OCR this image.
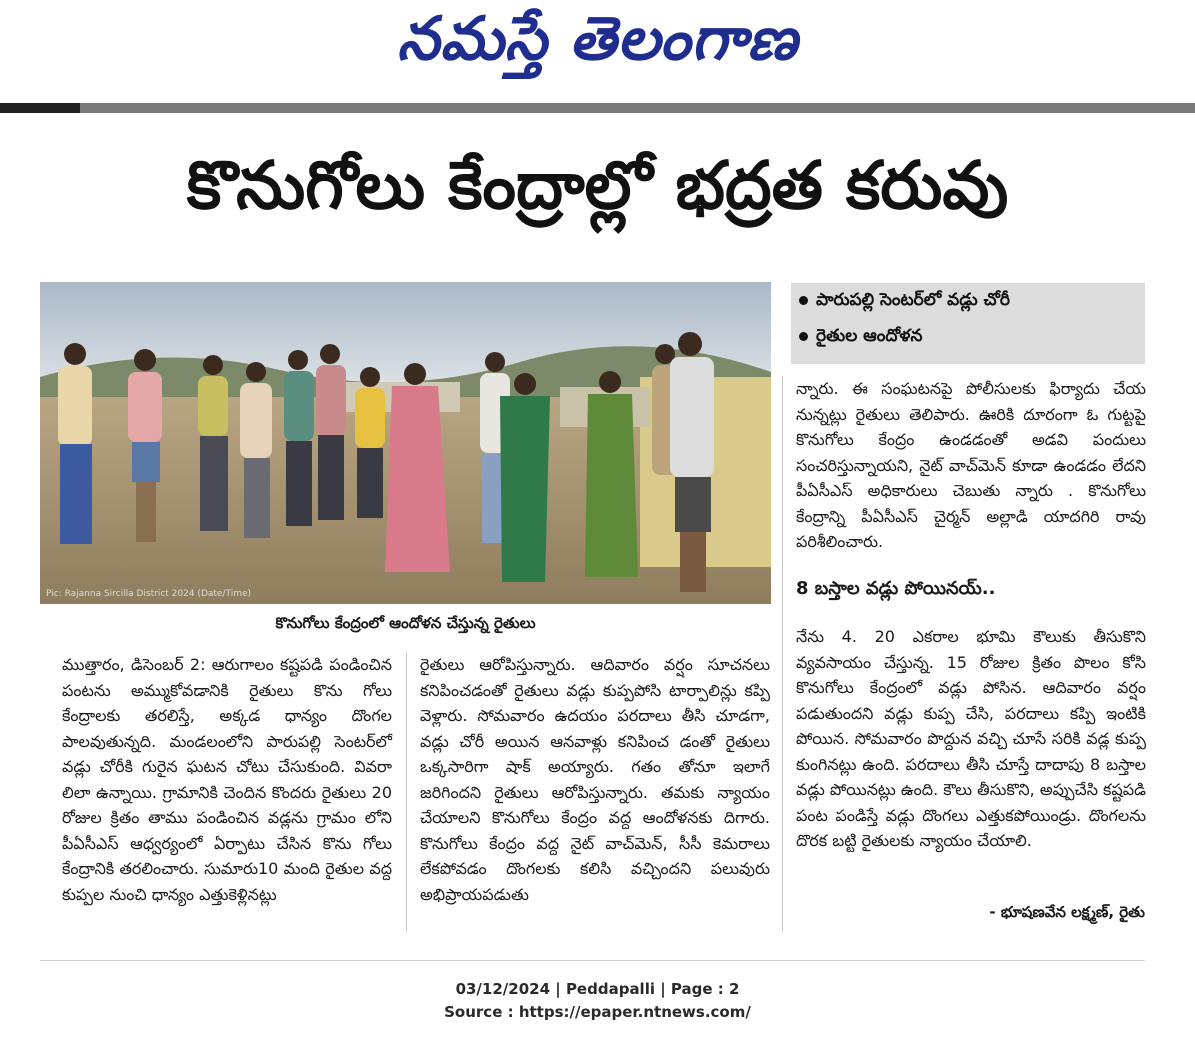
నమస్తే తెలంగాణ
కొనుగోలు కేంద్రాల్లో భద్రత కరువు
Pic: Rajanna Sircilla District 2024 (Date/Time)
కొనుగోలు కేంద్రంలో ఆందోళన చేస్తున్న రైతులు
పారుపల్లి సెంటర్‌లో వడ్లు చోరీ
రైతుల ఆందోళన

న్నారు. ఈ సంఘటనపై పోలీసులకు ఫిర్యాదు చేయ నున్నట్లు రైతులు తెలిపారు. ఊరికి దూరంగా ఓ గుట్టపై కొనుగోలు కేంద్రం ఉండడంతో అడవి పందులు సంచరిస్తున్నాయని, నైట్ వాచ్‌మెన్ కూడా ఉండడం లేదని పీఏసీఎస్ అధికారులు చెబుతు న్నారు . కొనుగోలు కేంద్రాన్ని పీఏసీఎస్ చైర్మన్ అల్లాడి యాదగిరి రావు పరిశీలించారు.

8 బస్తాల వడ్లు పోయినయ్..

నేను 4. 20 ఎకరాల భూమి కౌలుకు తీసుకొని వ్యవసాయం చేస్తున్న. 15 రోజుల క్రితం పొలం కోసి కొనుగోలు కేంద్రంలో వడ్లు పోసిన. ఆదివారం వర్షం పడుతుందని వడ్లు కుప్ప చేసి, పరదాలు కప్పి ఇంటికి పోయిన. సోమవారం పొద్దున వచ్చి చూసే సరికి వడ్ల కుప్ప కుంగినట్లు ఉంది. పరదాలు తీసి చూస్తే దాదాపు 8 బస్తాల వడ్లు పోయినట్లు ఉంది. కౌలు తీసుకొని, అప్పుచేసి కష్టపడి పంట పండిస్తే వడ్లు దొంగలు ఎత్తుకపోయిండ్రు. దొంగలను దొరక బట్టి రైతులకు న్యాయం చేయాలి.

- భూషణవేన లక్ష్మణ్, రైతు

ముత్తారం, డిసెంబర్ 2: ఆరుగాలం కష్టపడి పండించిన పంటను అమ్ముకోవడానికి రైతులు కొను గోలు కేంద్రాలకు తరలిస్తే, అక్కడ ధాన్యం దొంగల పాలవుతున్నది. మండలంలోని పారుపల్లి సెంటర్‌లో వడ్లు చోరీకి గురైన ఘటన చోటు చేసుకుంది. వివరా లిలా ఉన్నాయి. గ్రామానికి చెందిన కొందరు రైతులు 20 రోజుల క్రితం తాము పండించిన వడ్లను గ్రామం లోని పీఏసీఎస్ ఆధ్వర్యంలో ఏర్పాటు చేసిన కొను గోలు కేంద్రానికి తరలించారు. సుమారు10 మంది రైతుల వద్ద కుప్పల నుంచి ధాన్యం ఎత్తుకెళ్లినట్లు

రైతులు ఆరోపిస్తున్నారు. ఆదివారం వర్షం సూచనలు కనిపించడంతో రైతులు వడ్లు కుప్పపోసి టార్పాలిన్లు కప్పి వెళ్లారు. సోమవారం ఉదయం పరదాలు తీసి చూడగా, వడ్లు చోరీ అయిన ఆనవాళ్లు కనిపించ డంతో రైతులు ఒక్కసారిగా షాక్ అయ్యారు. గతం తోనూ ఇలాగే జరిగిందని రైతులు ఆరోపిస్తున్నారు. తమకు న్యాయం చేయాలని కొనుగోలు కేంద్రం వద్ద ఆందోళనకు దిగారు. కొనుగోలు కేంద్రం వద్ద నైట్ వాచ్‌మెన్, సీసీ కెమరాలు లేకపోవడం దొంగలకు కలిసి వచ్చిందని పలువురు అభిప్రాయపడుతు

03/12/2024 | Peddapalli | Page : 2
Source : https://epaper.ntnews.com/
